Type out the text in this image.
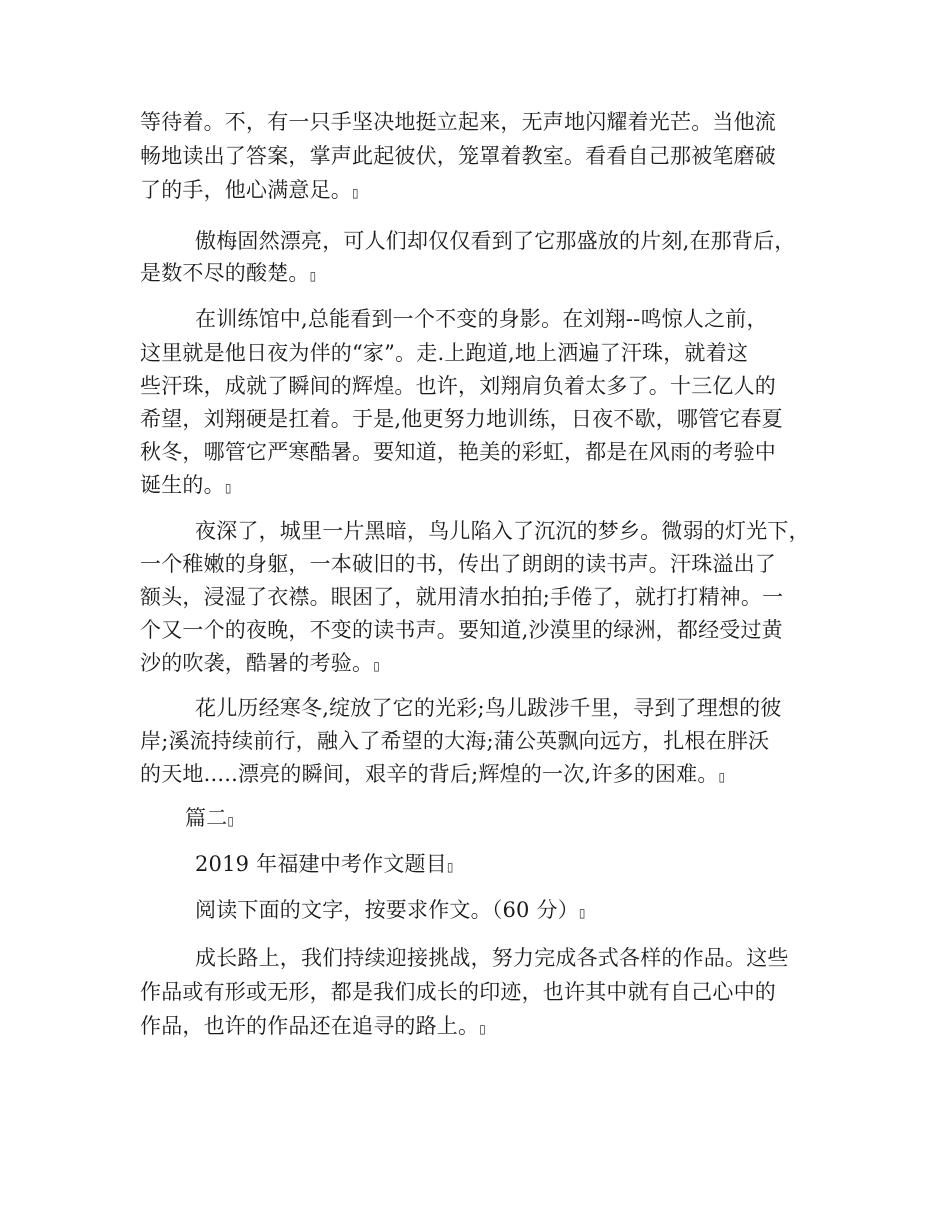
等待着。不，有一只手坚决地挺立起来，无声地闪耀着光芒。当他流
畅地读出了答案，掌声此起彼伏，笼罩着教室。看看自己那被笔磨破
了的手，他心满意足。▯
傲梅固然漂亮，可人们却仅仅看到了它那盛放的片刻,在那背后，
是数不尽的酸楚。▯
在训练馆中,总能看到一个不变的身影。在刘翔--鸣惊人之前，
这里就是他日夜为伴的“家”。走.上跑道,地上洒遍了汗珠，就着这
些汗珠，成就了瞬间的辉煌。也许，刘翔肩负着太多了。十三亿人的
希望，刘翔硬是扛着。于是,他更努力地训练，日夜不歇，哪管它春夏
秋冬，哪管它严寒酷暑。要知道，艳美的彩虹，都是在风雨的考验中
诞生的。▯
夜深了，城里一片黑暗，鸟儿陷入了沉沉的梦乡。微弱的灯光下，
一个稚嫩的身躯，一本破旧的书，传出了朗朗的读书声。汗珠溢出了
额头，浸湿了衣襟。眼困了，就用清水拍拍;手倦了，就打打精神。一
个又一个的夜晚，不变的读书声。要知道,沙漠里的绿洲，都经受过黄
沙的吹袭，酷暑的考验。▯
花儿历经寒冬,绽放了它的光彩;鸟儿跋涉千里，寻到了理想的彼
岸;溪流持续前行，融入了希望的大海;蒲公英飘向远方，扎根在胖沃
的天地.....漂亮的瞬间，艰辛的背后;辉煌的一次,许多的困难。▯
篇二▯
2019 年福建中考作文题目▯
阅读下面的文字，按要求作文。（60 分）▯
成长路上，我们持续迎接挑战，努力完成各式各样的作品。这些
作品或有形或无形，都是我们成长的印迹，也许其中就有自己心中的
作品，也许的作品还在追寻的路上。▯
